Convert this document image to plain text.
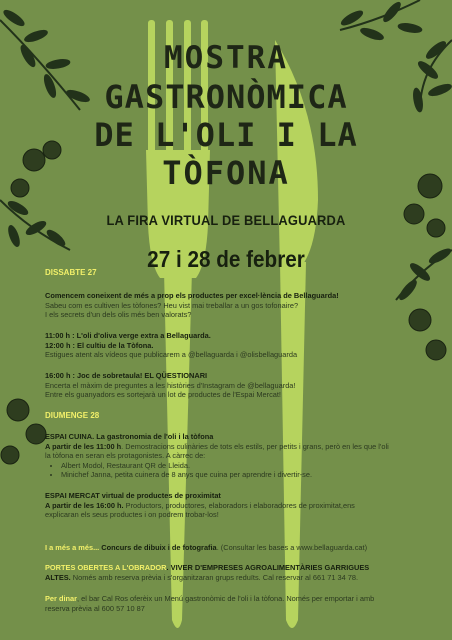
MOSTRA
GASTRONÒMICA
DE L'OLI I LA
TÒFONA
LA FIRA VIRTUAL DE BELLAGUARDA
27 i 28 de febrer

DISSABTE 27

Comencem coneixent de més a prop els productes per excel·lència de Bellaguarda!

Sabeu com es cultiven les tòfones? Heu vist mai treballar a un gos tofonaire?

I els secrets d'un dels olis més ben valorats?

11:00 h : L'oli d'oliva verge extra a Bellaguarda.

12:00 h : El cultiu de la Tòfona.

Estigues atent als vídeos que publicarem a @bellaguarda i @olisbellaguarda

16:00 h : Joc de sobretaula! EL QÜESTIONARI

Encerta el màxim de preguntes a les històries d'Instagram de @bellaguarda!

Entre els guanyadors es sortejarà un lot de productes de l'Espai Mercat!

DIUMENGE 28

ESPAI CUINA. La gastronomia de l'oli i la tòfona

A partir de les 11:00 h. Demostracions culinàries de tots els estils, per petits i grans, però en les que l'oli

la tòfona en seran els protagonistes. A càrrec de:

• Albert Modol, Restaurant QR de Lleida.
• Minichef Janna, petita cuinera de 8 anys que cuina per aprendre i divertir-se.

ESPAI MERCAT virtual de productes de proximitat

A partir de les 16:00 h. Productors, productores, elaboradors i elaboradores de proximitat,ens

explicaran els seus productes i on podrem trobar-los!

I a més a més... Concurs de dibuix i de fotografia. (Consultar les bases a www.bellaguarda.cat)

PORTES OBERTES A L'OBRADOR. VIVER D'EMPRESES AGROALIMENTÀRIES GARRIGUES

ALTES. Només amb reserva prèvia i s'organitzaran grups reduïts. Cal reservar al 661 71 34 78.

Per dinar, el bar Cal Ros oferèix un Menú gastronòmic de l'oli i la tòfona. Només per emportar i amb

reserva prèvia al 600 57 10 87
